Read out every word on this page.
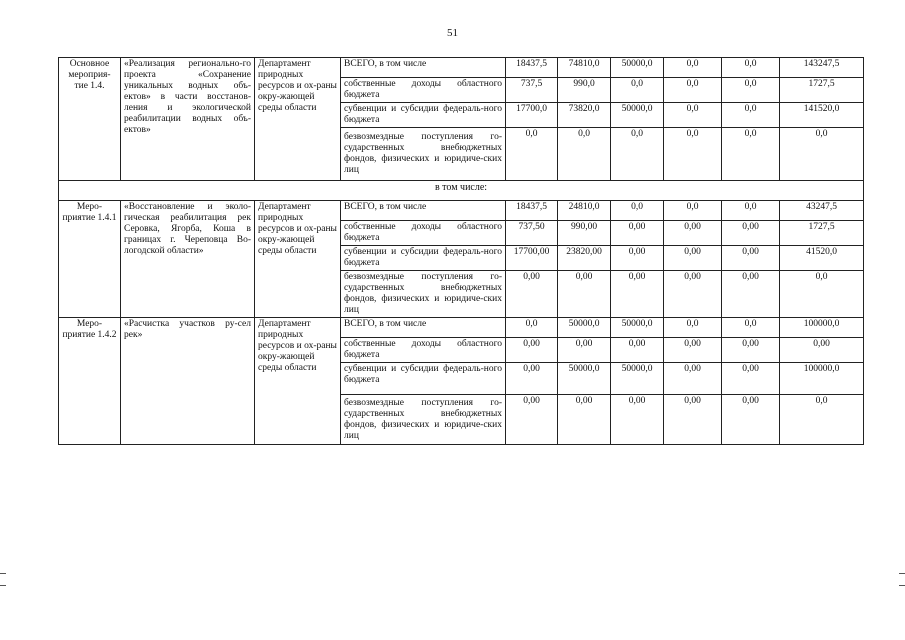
51
Основное мероприя-тие 1.4.	«Реализация регионально-го проекта «Сохранение уникальных водных объ-ектов» в части восстанов-ления и экологической реабилитации водных объ-ектов»	Департамент природных ресурсов и ох-раны окру-жающей среды области	ВСЕГО, в том числе	18437,5	74810,0	50000,0	0,0	0,0	143247,5
			собственные доходы областного бюджета	737,5	990,0	0,0	0,0	0,0	1727,5
			субвенции и субсидии федераль-ного бюджета	17700,0	73820,0	50000,0	0,0	0,0	141520,0
			безвозмездные поступления го-сударственных внебюджетных фондов, физических и юридиче-ских лиц	0,0	0,0	0,0	0,0	0,0	0,0
в том числе:									
Меро-приятие 1.4.1	«Восстановление и эколо-гическая реабилитация рек Серовка, Ягорба, Коша в границах г. Череповца Во-логодской области»	Департамент природных ресурсов и ох-раны окру-жающей среды области	ВСЕГО, в том числе	18437,5	24810,0	0,0	0,0	0,0	43247,5
			собственные доходы областного бюджета	737,50	990,00	0,00	0,00	0,00	1727,5
			субвенции и субсидии федераль-ного бюджета	17700,00	23820,00	0,00	0,00	0,00	41520,0
			безвозмездные поступления го-сударственных внебюджетных фондов, физических и юридиче-ских лиц	0,00	0,00	0,00	0,00	0,00	0,0
Меро-приятие 1.4.2	«Расчистка участков ру-сел рек»	Департамент природных ресурсов и ох-раны окру-жающей среды области	ВСЕГО, в том числе	0,0	50000,0	50000,0	0,0	0,0	100000,0
			собственные доходы областного бюджета	0,00	0,00	0,00	0,00	0,00	0,00
			субвенции и субсидии федераль-ного бюджета	0,00	50000,0	50000,0	0,00	0,00	100000,0
			безвозмездные поступления го-сударственных внебюджетных фондов, физических и юридиче-ских лиц	0,00	0,00	0,00	0,00	0,00	0,0
